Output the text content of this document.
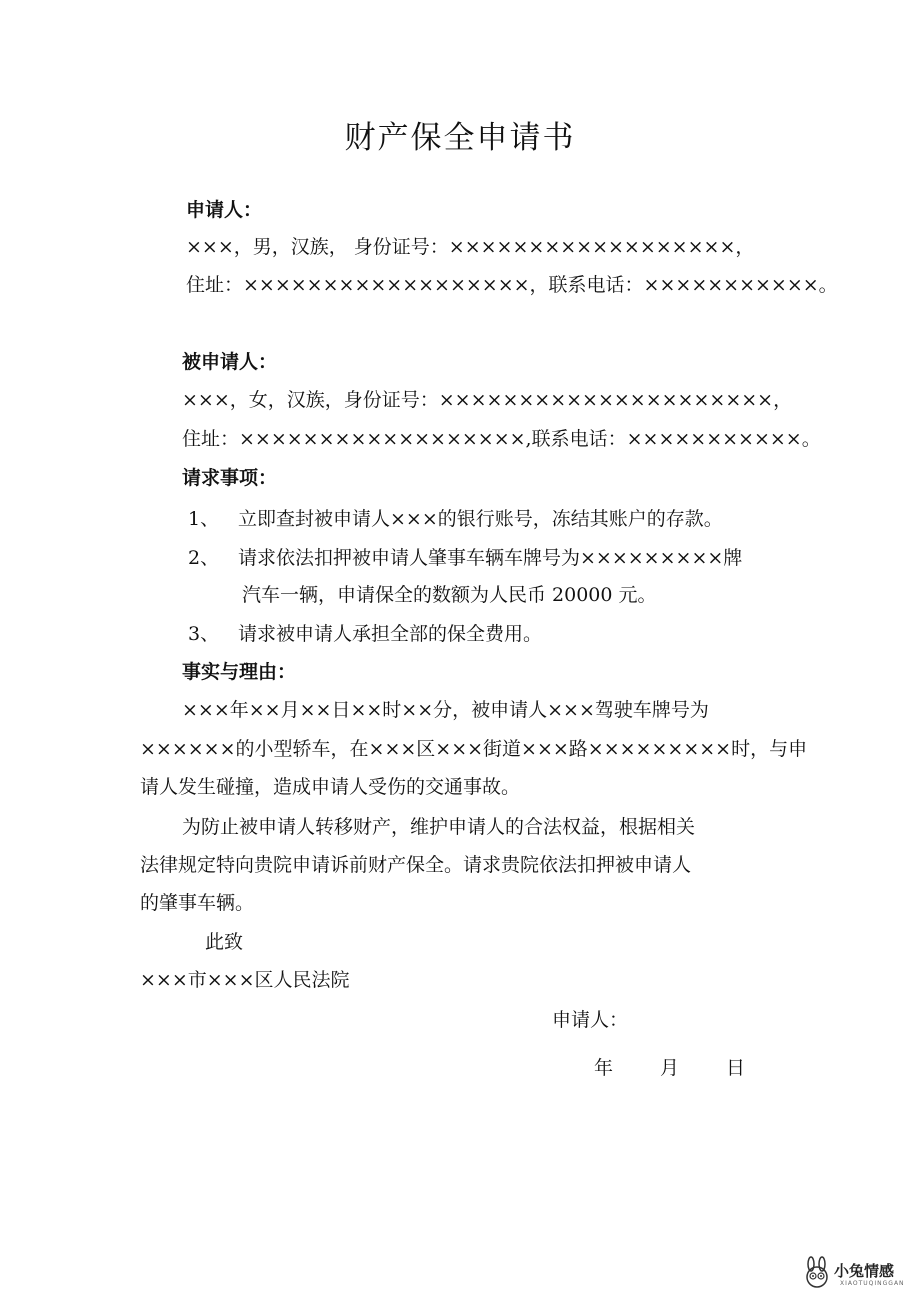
财产保全申请书
申请人：
×××，男，汉族， 身份证号：××××××××××××××××××，
住址：××××××××××××××××××，联系电话：×××××××××××。
被申请人：
×××，女，汉族，身份证号：×××××××××××××××××××××，
住址：××××××××××××××××××,联系电话：×××××××××××。
请求事项：
1、 立即查封被申请人×××的银行账号，冻结其账户的存款。
2、 请求依法扣押被申请人肇事车辆车牌号为×××××××××牌
汽车一辆，申请保全的数额为人民币 20000 元。
3、 请求被申请人承担全部的保全费用。
事实与理由：
×××年××月××日××时××分，被申请人×××驾驶车牌号为
××××××的小型轿车，在×××区×××街道×××路×××××××××时，与申
请人发生碰撞，造成申请人受伤的交通事故。
为防止被申请人转移财产，维护申请人的合法权益，根据相关
法律规定特向贵院申请诉前财产保全。请求贵院依法扣押被申请人
的肇事车辆。
此致
×××市×××区人民法院
申请人：
年 月 日
小兔情感
XIAOTUQINGGAN
